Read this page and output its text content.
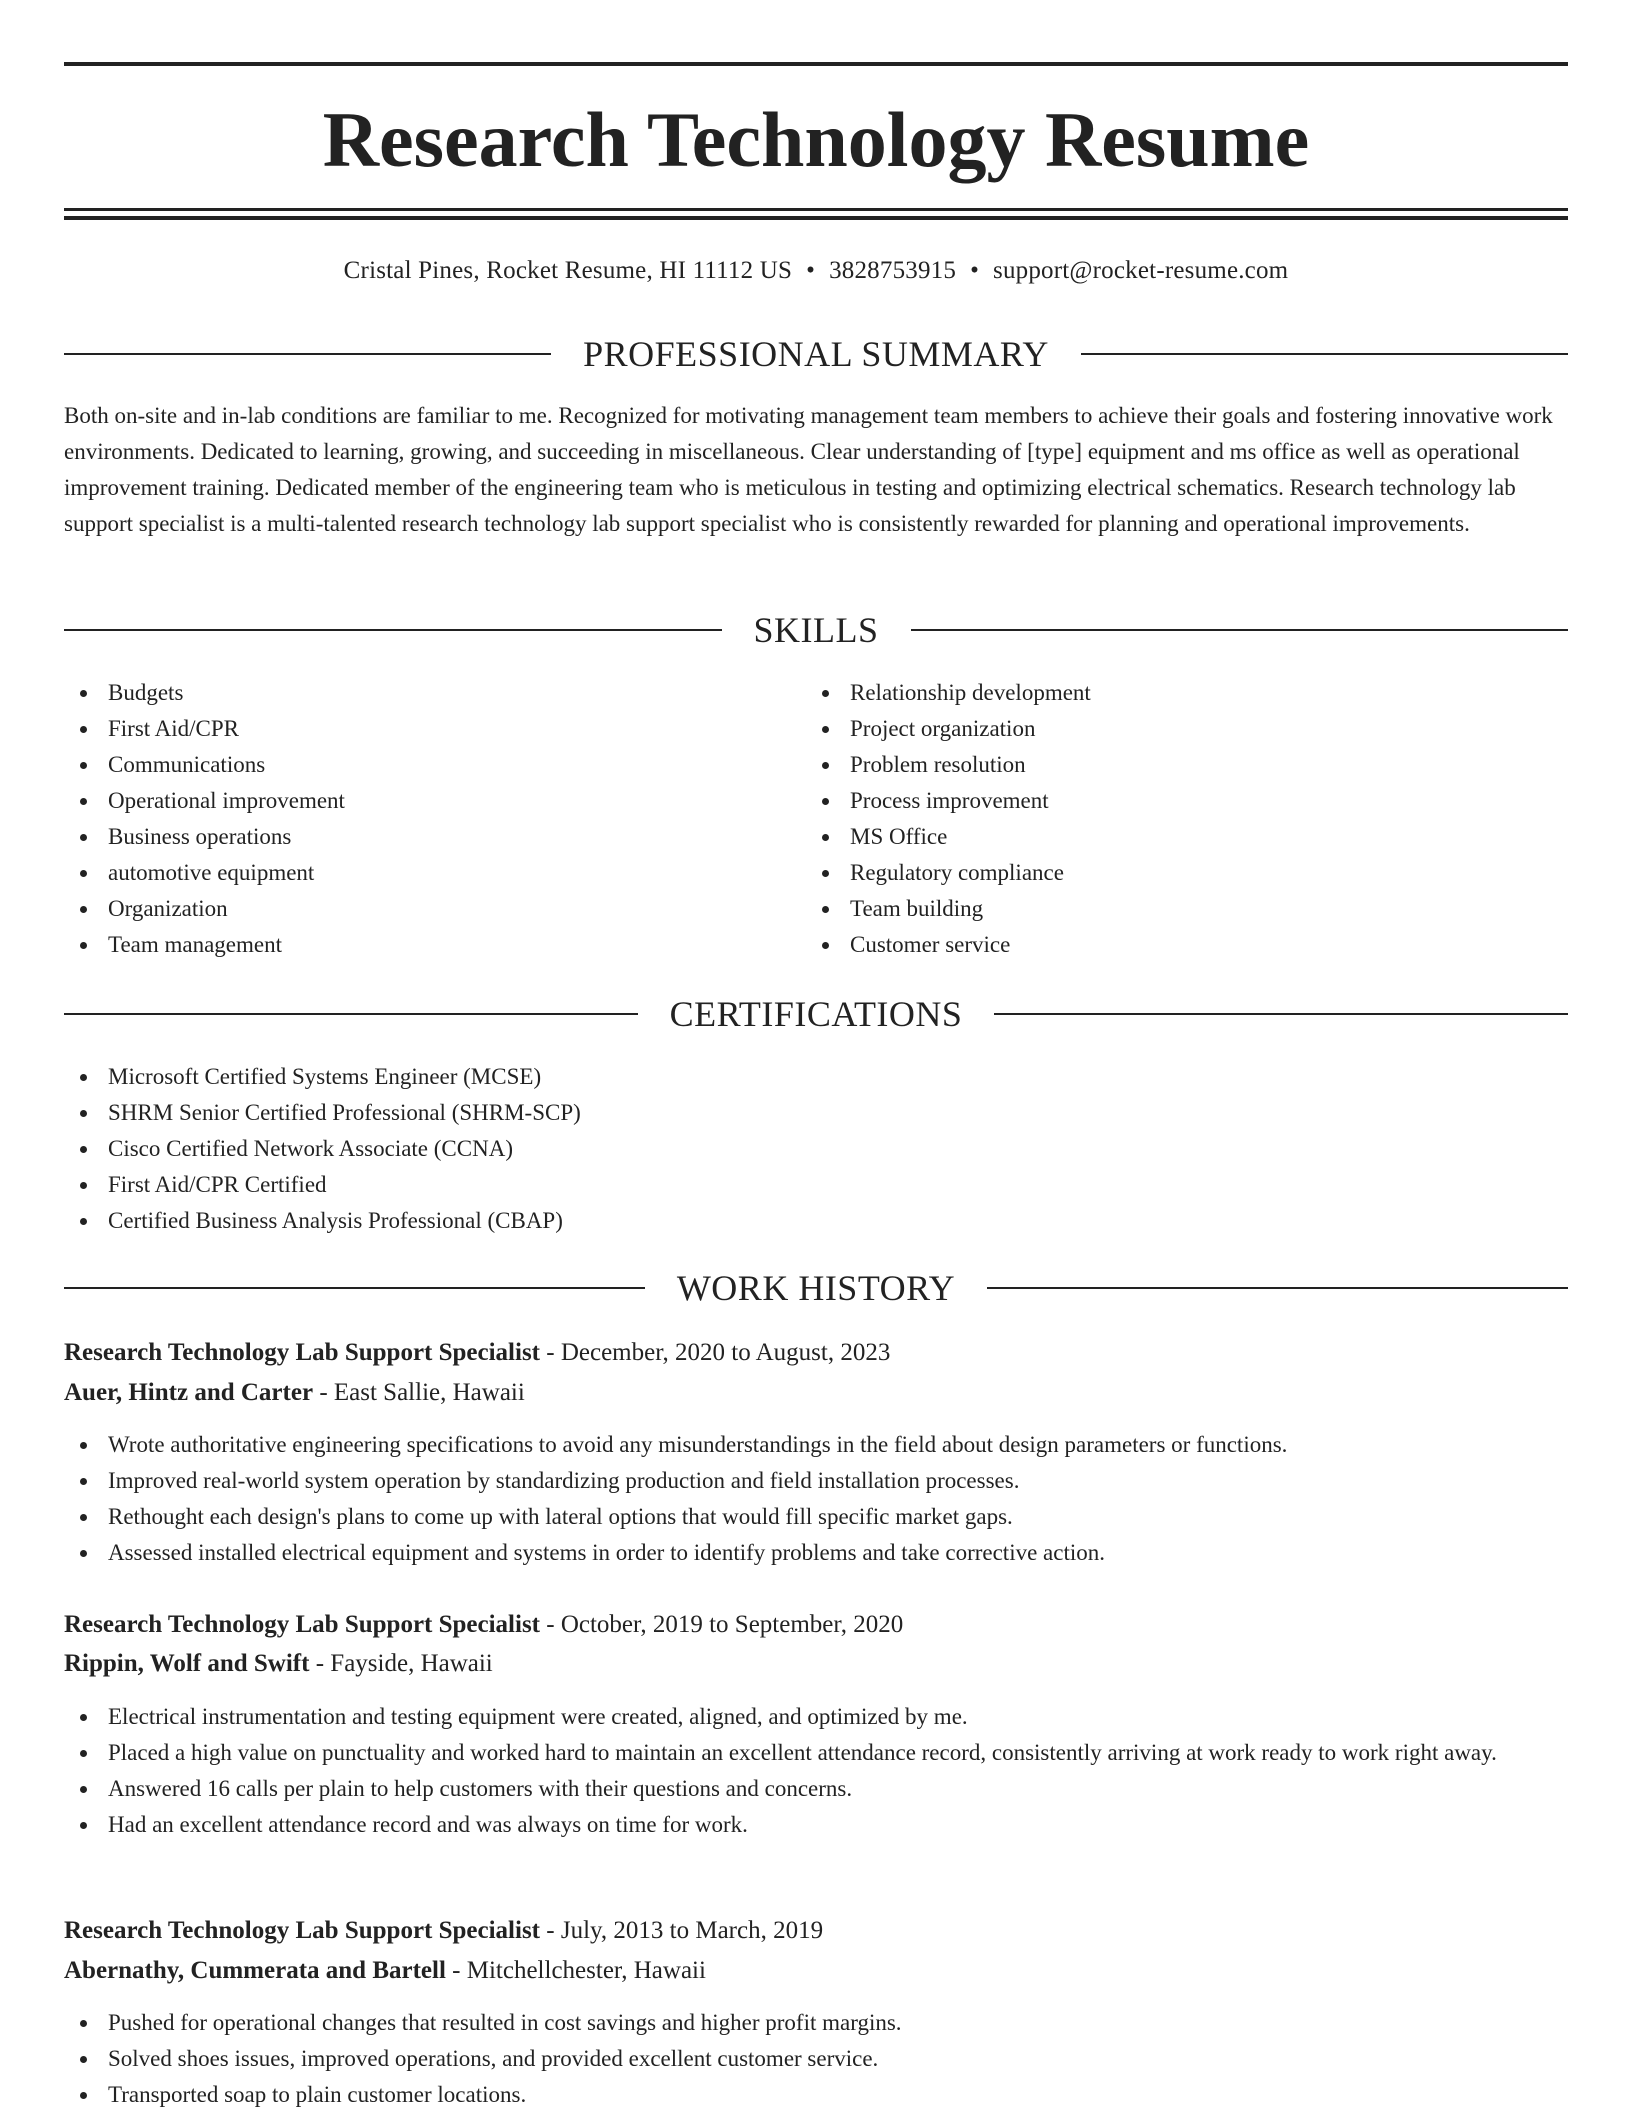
Research Technology Resume
Cristal Pines, Rocket Resume, HI 11112 US • 3828753915 • support@rocket-resume.com
PROFESSIONAL SUMMARY

Both on-site and in-lab conditions are familiar to me. Recognized for motivating management team members to achieve their goals and fostering innovative work environments. Dedicated to learning, growing, and succeeding in miscellaneous. Clear understanding of [type] equipment and ms office as well as operational improvement training. Dedicated member of the engineering team who is meticulous in testing and optimizing electrical schematics. Research technology lab support specialist is a multi-talented research technology lab support specialist who is consistently rewarded for planning and operational improvements.

SKILLS
Budgets
First Aid/CPR
Communications
Operational improvement
Business operations
automotive equipment
Organization
Team management
Relationship development
Project organization
Problem resolution
Process improvement
MS Office
Regulatory compliance
Team building
Customer service
CERTIFICATIONS
Microsoft Certified Systems Engineer (MCSE)
SHRM Senior Certified Professional (SHRM-SCP)
Cisco Certified Network Associate (CCNA)
First Aid/CPR Certified
Certified Business Analysis Professional (CBAP)
WORK HISTORY
Research Technology Lab Support Specialist - December, 2020 to August, 2023
Auer, Hintz and Carter - East Sallie, Hawaii
Wrote authoritative engineering specifications to avoid any misunderstandings in the field about design parameters or functions.
Improved real-world system operation by standardizing production and field installation processes.
Rethought each design's plans to come up with lateral options that would fill specific market gaps.
Assessed installed electrical equipment and systems in order to identify problems and take corrective action.
Research Technology Lab Support Specialist - October, 2019 to September, 2020
Rippin, Wolf and Swift - Fayside, Hawaii
Electrical instrumentation and testing equipment were created, aligned, and optimized by me.
Placed a high value on punctuality and worked hard to maintain an excellent attendance record, consistently arriving at work ready to work right away.
Answered 16 calls per plain to help customers with their questions and concerns.
Had an excellent attendance record and was always on time for work.
Research Technology Lab Support Specialist - July, 2013 to March, 2019
Abernathy, Cummerata and Bartell - Mitchellchester, Hawaii
Pushed for operational changes that resulted in cost savings and higher profit margins.
Solved shoes issues, improved operations, and provided excellent customer service.
Transported soap to plain customer locations.
